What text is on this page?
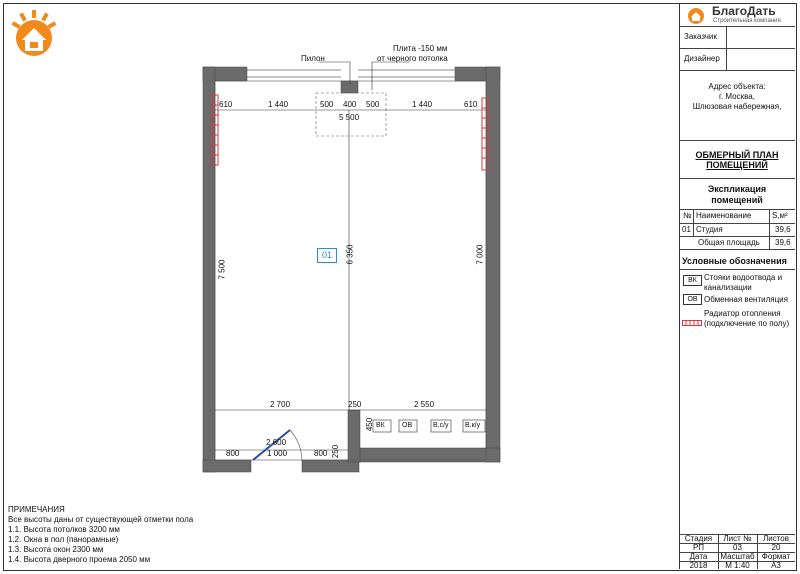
Пилон
Плита -150 мм
от черного потолка
610	1 440	500 400 500	1 440	610
5 500
7 500
6 350	7 000
01
2 700	250	2 550
2 600
800	1 000	800
450
250
ВК ОВ	В.с/у В.к/у
ПРИМЕЧАНИЯ
Все высоты даны от существующей отметки пола
1.1. Высота потолков 3200 мм
1.2. Окна в пол (панорамные)
1.3. Высота окон 2300 мм
1.4. Высота дверного проема 2050 мм
БлагоДать
Строительная компания
Заказчик
Дизайнер
Адрес объекта:
г. Москва,
Шлюзовая набережная,
ОБМЕРНЫЙ ПЛАН
ПОМЕЩЕНИЙ
Экспликация
помещений
№ Наименование	S,м²
01 Студия	39,6
Общая площадь 39,6
Условные обозначения
ВК Стояки водоотвода и
канализации
ОВ Обменная вентиляция
Радиатор отопления
(подключение по полу)
Стадия	Лист №	Листов
РП	03	20
Дата	Масштаб Формат
2018	М 1:40	А3
